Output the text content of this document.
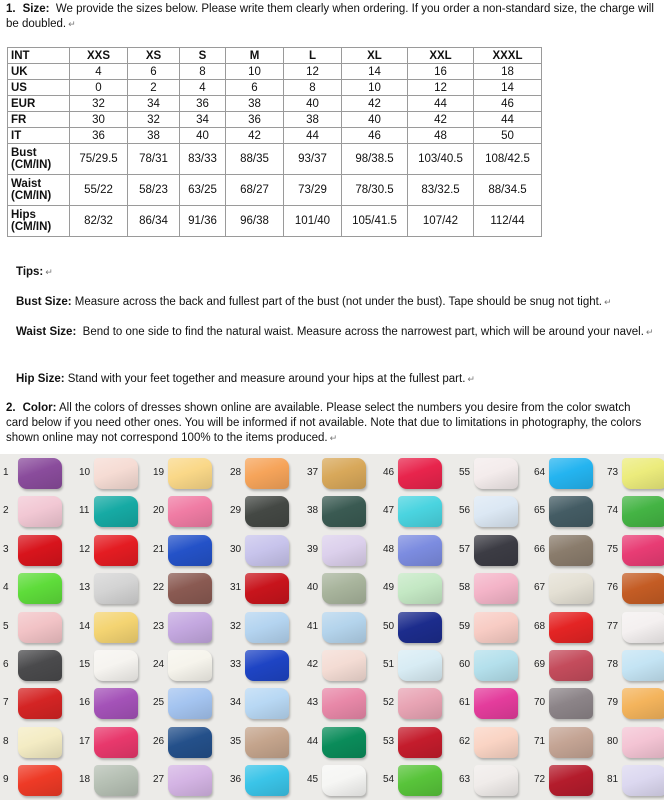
1. Size: We provide the sizes below. Please write them clearly when ordering. If you order a non-standard size, the charge will be doubled. ↵
INT	XXS	XS	S	M	L	XL	XXL	XXXL
UK	4	6	8	10	12	14	16	18
US	0	2	4	6	8	10	12	14
EUR	32	34	36	38	40	42	44	46
FR	30	32	34	36	38	40	42	44
IT	36	38	40	42	44	46	48	50
Bust (CM/IN)	75/29.5	78/31	83/33	88/35	93/37	98/38.5	103/40.5	108/42.5
Waist (CM/IN)	55/22	58/23	63/25	68/27	73/29	78/30.5	83/32.5	88/34.5
Hips (CM/IN)	82/32	86/34	91/36	96/38	101/40	105/41.5	107/42	112/44
Tips: ↵
Bust Size: Measure across the back and fullest part of the bust (not under the bust). Tape should be snug not tight. ↵
Waist Size: Bend to one side to find the natural waist. Measure across the narrowest part, which will be around your navel. ↵
Hip Size: Stand with your feet together and measure around your hips at the fullest part. ↵
2. Color: All the colors of dresses shown online are available. Please select the numbers you desire from the color swatch card below if you need other ones. You will be informed if not available. Note that due to limitations in photography, the colors shown online may not correspond 100% to the items produced. ↵
1
2
3
4
5
6
7
8
9
10
11
12
13
14
15
16
17
18
19
20
21
22
23
24
25
26
27
28
29
30
31
32
33
34
35
36
37
38
39
40
41
42
43
44
45
46
47
48
49
50
51
52
53
54
55
56
57
58
59
60
61
62
63
64
65
66
67
68
69
70
71
72
73
74
75
76
77
78
79
80
81
